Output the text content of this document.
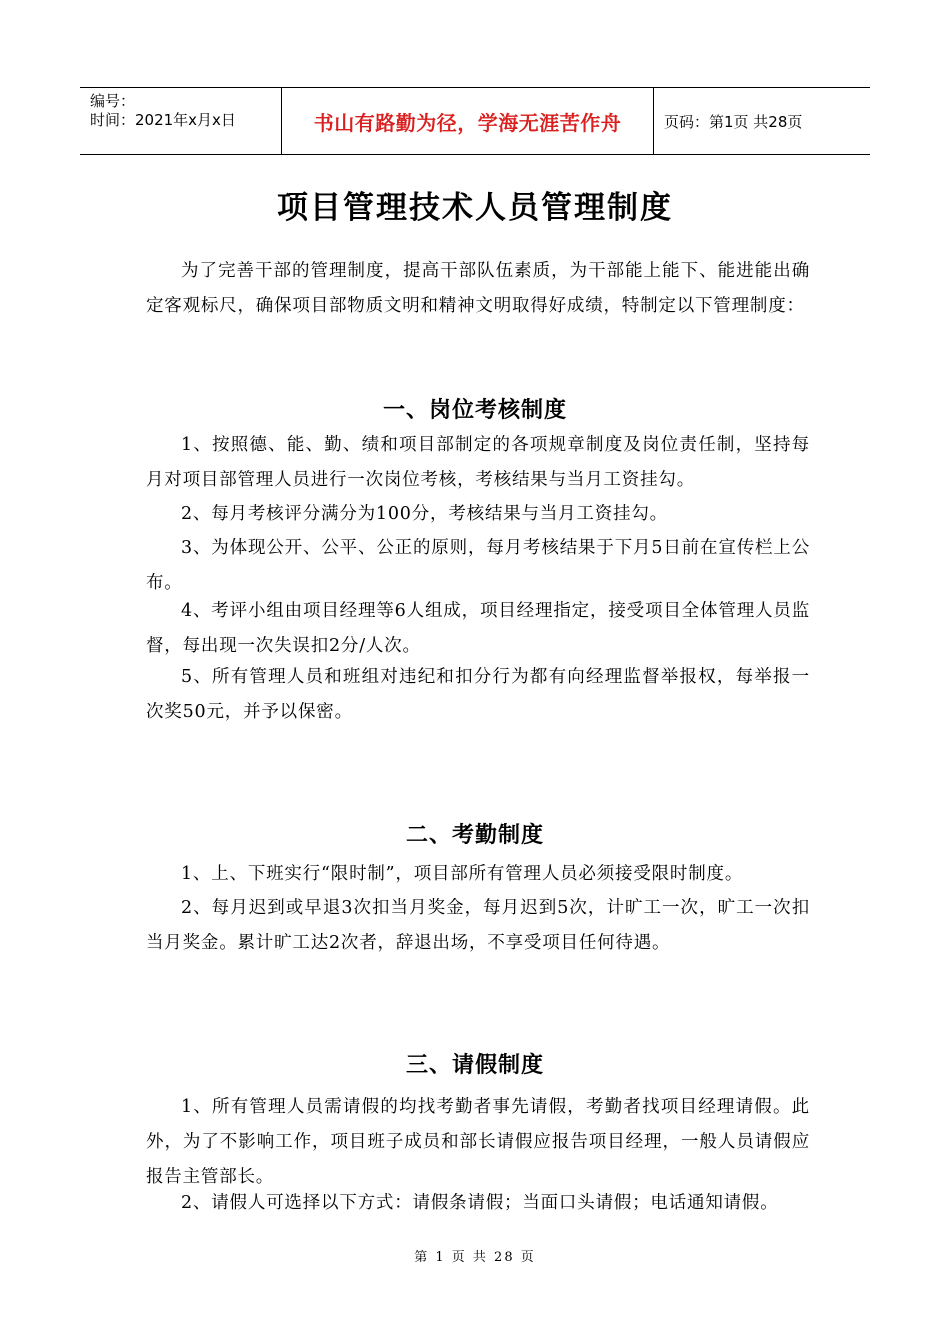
编号：
时间：2021年x月x日	书山有路勤为径，学海无涯苦作舟	页码：第1页 共28页
项目管理技术人员管理制度

为了完善干部的管理制度，提高干部队伍素质，为干部能上能下、能进能出确定客观标尺，确保项目部物质文明和精神文明取得好成绩，特制定以下管理制度：

一、岗位考核制度

1、按照德、能、勤、绩和项目部制定的各项规章制度及岗位责任制，坚持每月对项目部管理人员进行一次岗位考核，考核结果与当月工资挂勾。

2、每月考核评分满分为100分，考核结果与当月工资挂勾。

3、为体现公开、公平、公正的原则，每月考核结果于下月5日前在宣传栏上公布。

4、考评小组由项目经理等6人组成，项目经理指定，接受项目全体管理人员监督，每出现一次失误扣2分/人次。

5、所有管理人员和班组对违纪和扣分行为都有向经理监督举报权，每举报一次奖50元，并予以保密。

二、考勤制度

1、上、下班实行“限时制”，项目部所有管理人员必须接受限时制度。

2、每月迟到或早退3次扣当月奖金，每月迟到5次，计旷工一次，旷工一次扣当月奖金。累计旷工达2次者，辞退出场，不享受项目任何待遇。

三、请假制度

1、所有管理人员需请假的均找考勤者事先请假，考勤者找项目经理请假。此外，为了不影响工作，项目班子成员和部长请假应报告项目经理，一般人员请假应报告主管部长。

2、请假人可选择以下方式：请假条请假；当面口头请假；电话通知请假。

第 1 页 共 28 页
